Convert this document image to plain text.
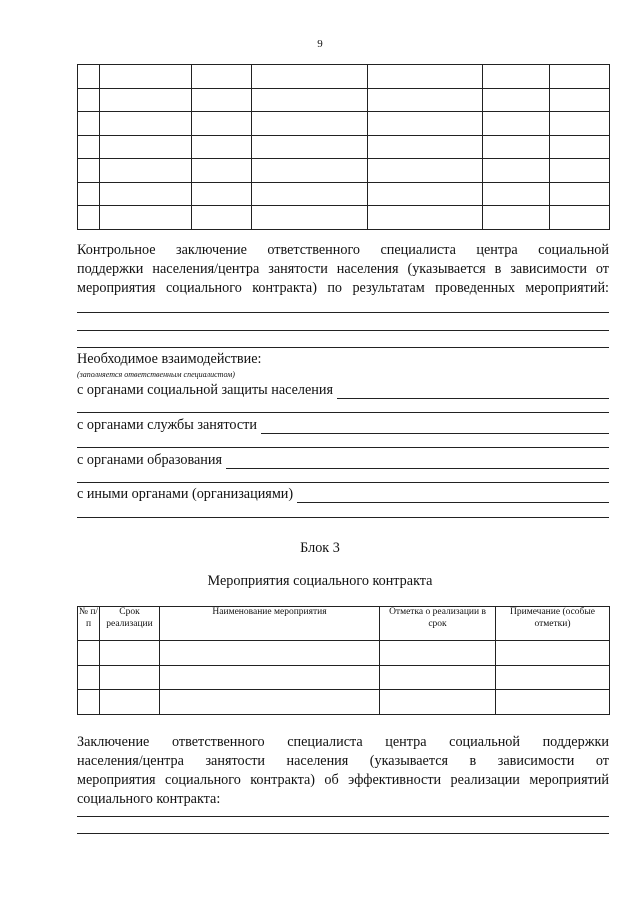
9

Контрольное заключение ответственного специалиста центра социальной
поддержки населения/центра занятости населения (указывается в зависимости от
мероприятия социального контракта) по результатам проведенных мероприятий:
Необходимое взаимодействие:
(заполняется ответственным специалистом)
с органами социальной защиты населения
с органами службы занятости
с органами образования
с иными органами (организациями)
Блок 3
Мероприятия социального контракта
№ п/п	Срок реализации	Наименование мероприятия	Отметка о реализации в срок	Примечание (особые отметки)

Заключение ответственного специалиста центра социальной поддержки
населения/центра занятости населения (указывается в зависимости от
мероприятия социального контракта) об эффективности реализации мероприятий
социального контракта:
